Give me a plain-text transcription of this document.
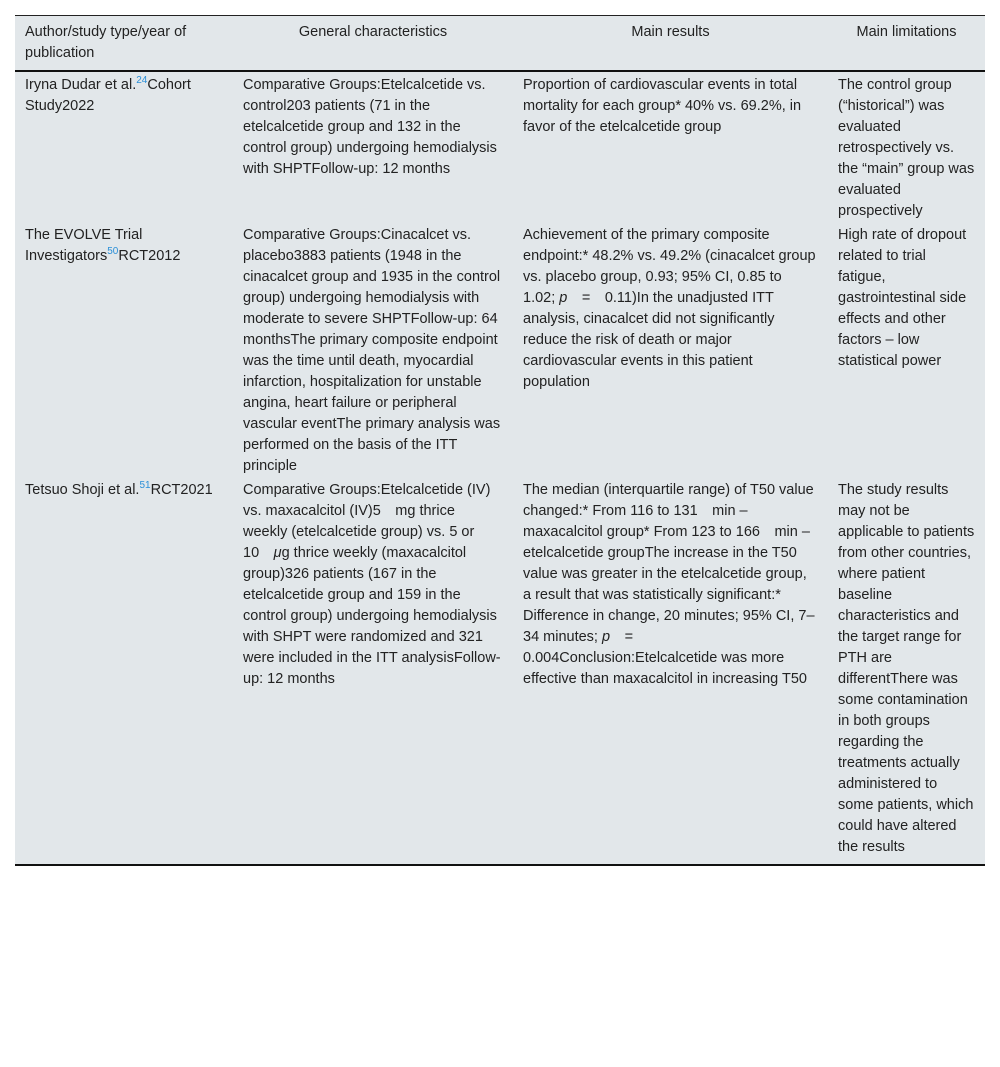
Author/study type/year of publication	General characteristics	Main results	Main limitations
Iryna Dudar et al.$^{24}$Cohort Study2022	Comparative Groups:Etelcalcetide vs. control203 patients (71 in the etelcalcetide group and 132 in the control group) undergoing hemodialysis with SHPTFollow-up: 12 months	Proportion of cardiovascular events in total mortality for each group* 40% vs. 69.2%, in favor of the etelcalcetide group	The control group (“historical”) was evaluated retrospectively vs. the “main” group was evaluated prospectively
The EVOLVE Trial Investigators$^{50}$RCT2012	Comparative Groups:Cinacalcet vs. placebo3883 patients (1948 in the cinacalcet group and 1935 in the control group) undergoing hemodialysis with moderate to severe SHPTFollow-up: 64 monthsThe primary composite endpoint was the time until death, myocardial infarction, hospitalization for unstable angina, heart failure or peripheral vascular eventThe primary analysis was performed on the basis of the ITT principle	Achievement of the primary composite endpoint:* 48.2% vs. 49.2% (cinacalcet group vs. placebo group, 0.93; 95% CI, 0.85 to 1.02; p = 0.11)In the unadjusted ITT analysis, cinacalcet did not significantly reduce the risk of death or major cardiovascular events in this patient population	High rate of dropout related to trial fatigue, gastrointestinal side effects and other factors – low statistical power
Tetsuo Shoji et al.$^{51}$RCT2021	Comparative Groups:Etelcalcetide (IV) vs. maxacalcitol (IV)5 mg thrice weekly (etelcalcetide group) vs. 5 or 10 μg thrice weekly (maxacalcitol group)326 patients (167 in the etelcalcetide group and 159 in the control group) undergoing hemodialysis with SHPT were randomized and 321 were included in the ITT analysisFollow-up: 12 months	The median (interquartile range) of T50 value changed:* From 116 to 131 min – maxacalcitol group* From 123 to 166 min – etelcalcetide groupThe increase in the T50 value was greater in the etelcalcetide group, a result that was statistically significant:* Difference in change, 20 minutes; 95% CI, 7–34 minutes; p = 0.004Conclusion:Etelcalcetide was more effective than maxacalcitol in increasing T50	The study results may not be applicable to patients from other countries, where patient baseline characteristics and the target range for PTH are differentThere was some contamination in both groups regarding the treatments actually administered to some patients, which could have altered the results
